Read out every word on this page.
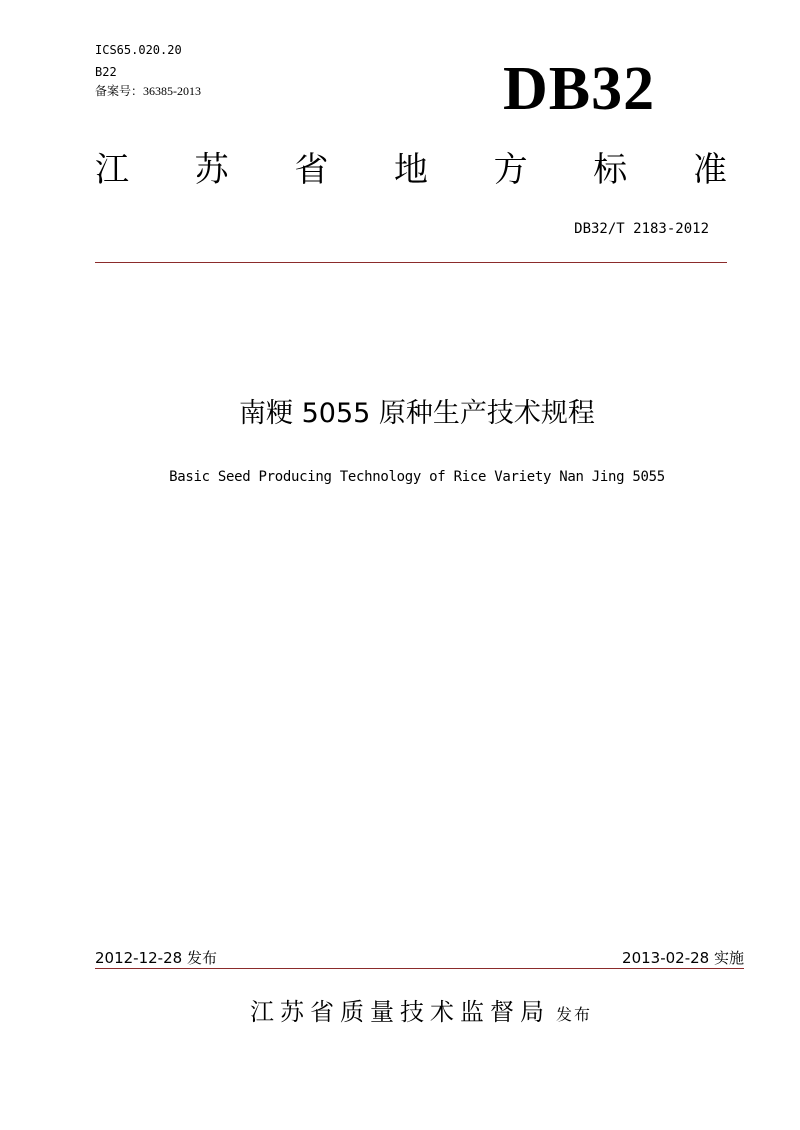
ICS65.020.20
B22
备案号：36385-2013	DB32
江 苏 省 地 方 标 准
DB32/T 2183-2012
南粳 5055 原种生产技术规程
Basic Seed Producing Technology of Rice Variety Nan Jing 5055
2012-12-28 发布	2013-02-28 实施
江苏省质量技术监督局 发布
